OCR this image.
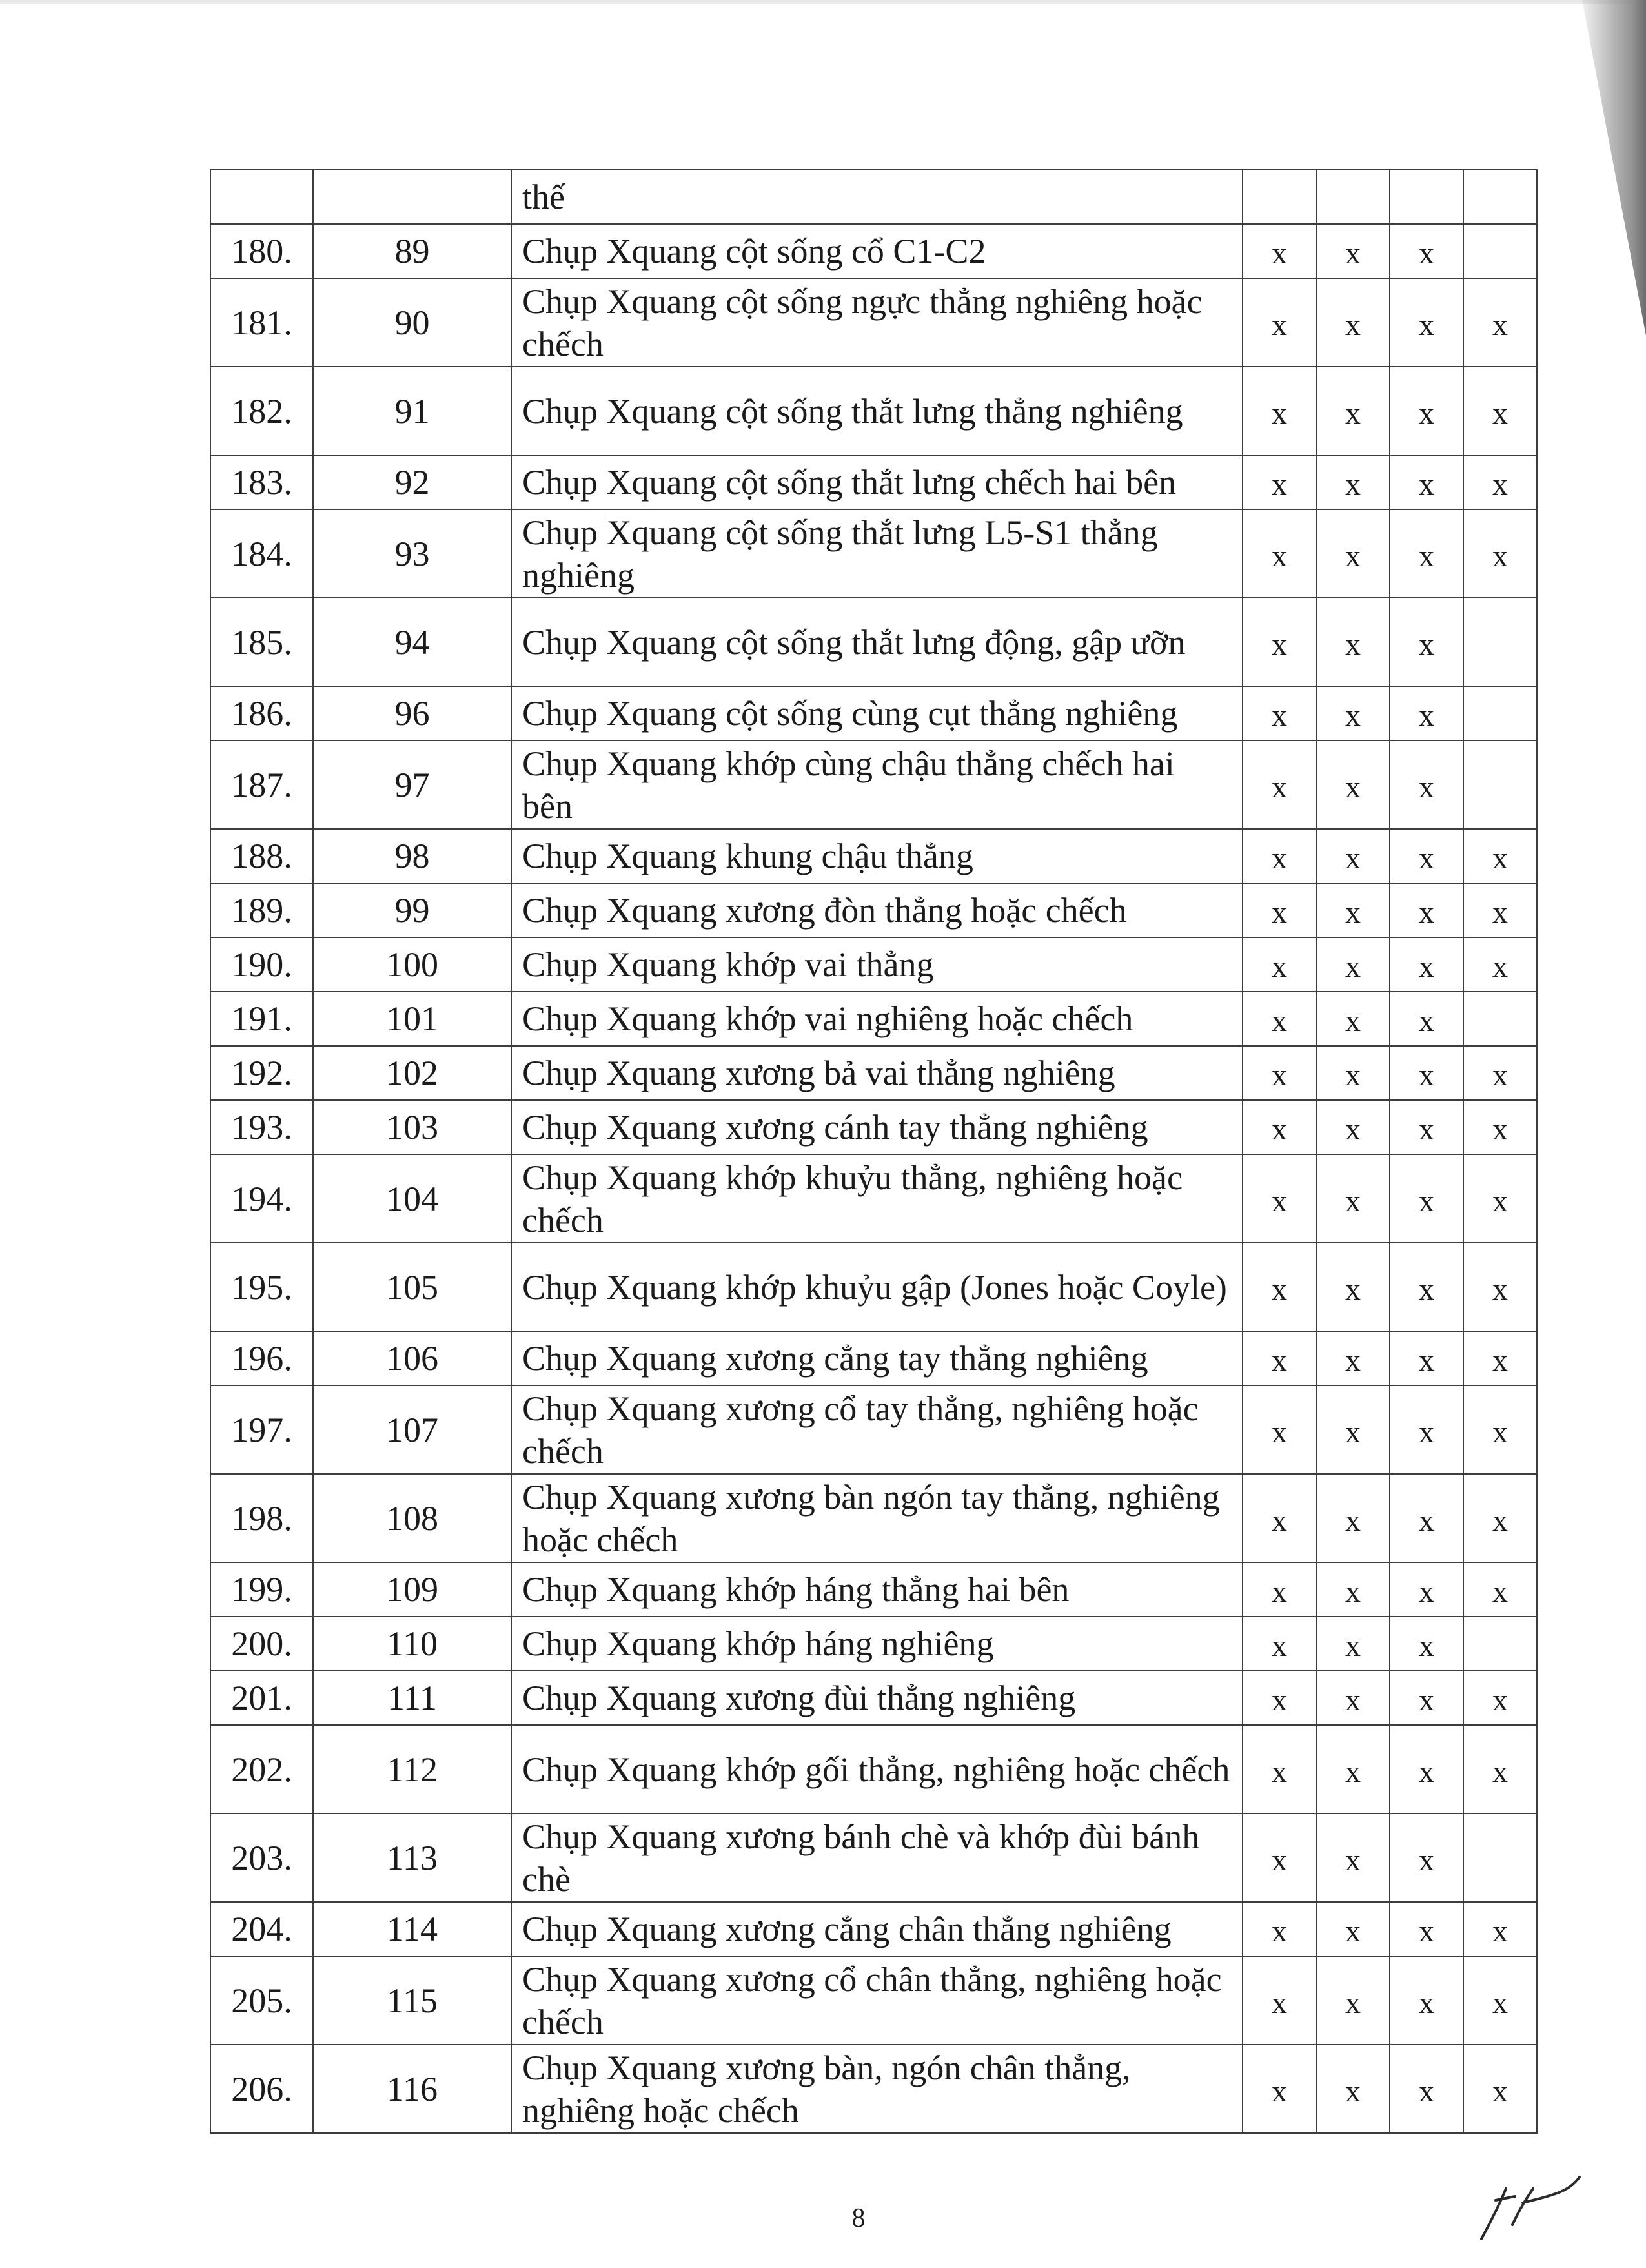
		thế				
180.	89	Chụp Xquang cột sống cổ C1-C2	x	x	x	
181.	90	Chụp Xquang cột sống ngực thẳng nghiêng hoặc chếch	x	x	x	x
182.	91	Chụp Xquang cột sống thắt lưng thẳng nghiêng	x	x	x	x
183.	92	Chụp Xquang cột sống thắt lưng chếch hai bên	x	x	x	x
184.	93	Chụp Xquang cột sống thắt lưng L5-S1 thẳng nghiêng	x	x	x	x
185.	94	Chụp Xquang cột sống thắt lưng động, gập ưỡn	x	x	x	
186.	96	Chụp Xquang cột sống cùng cụt thẳng nghiêng	x	x	x	
187.	97	Chụp Xquang khớp cùng chậu thẳng chếch hai bên	x	x	x	
188.	98	Chụp Xquang khung chậu thẳng	x	x	x	x
189.	99	Chụp Xquang xương đòn thẳng hoặc chếch	x	x	x	x
190.	100	Chụp Xquang khớp vai thẳng	x	x	x	x
191.	101	Chụp Xquang khớp vai nghiêng hoặc chếch	x	x	x	
192.	102	Chụp Xquang xương bả vai thẳng nghiêng	x	x	x	x
193.	103	Chụp Xquang xương cánh tay thẳng nghiêng	x	x	x	x
194.	104	Chụp Xquang khớp khuỷu thẳng, nghiêng hoặc chếch	x	x	x	x
195.	105	Chụp Xquang khớp khuỷu gập (Jones hoặc Coyle)	x	x	x	x
196.	106	Chụp Xquang xương cẳng tay thẳng nghiêng	x	x	x	x
197.	107	Chụp Xquang xương cổ tay thẳng, nghiêng hoặc chếch	x	x	x	x
198.	108	Chụp Xquang xương bàn ngón tay thẳng, nghiêng hoặc chếch	x	x	x	x
199.	109	Chụp Xquang khớp háng thẳng hai bên	x	x	x	x
200.	110	Chụp Xquang khớp háng nghiêng	x	x	x	
201.	111	Chụp Xquang xương đùi thẳng nghiêng	x	x	x	x
202.	112	Chụp Xquang khớp gối thẳng, nghiêng hoặc chếch	x	x	x	x
203.	113	Chụp Xquang xương bánh chè và khớp đùi bánh chè	x	x	x	
204.	114	Chụp Xquang xương cẳng chân thẳng nghiêng	x	x	x	x
205.	115	Chụp Xquang xương cổ chân thẳng, nghiêng hoặc chếch	x	x	x	x
206.	116	Chụp Xquang xương bàn, ngón chân thẳng, nghiêng hoặc chếch	x	x	x	x
8
